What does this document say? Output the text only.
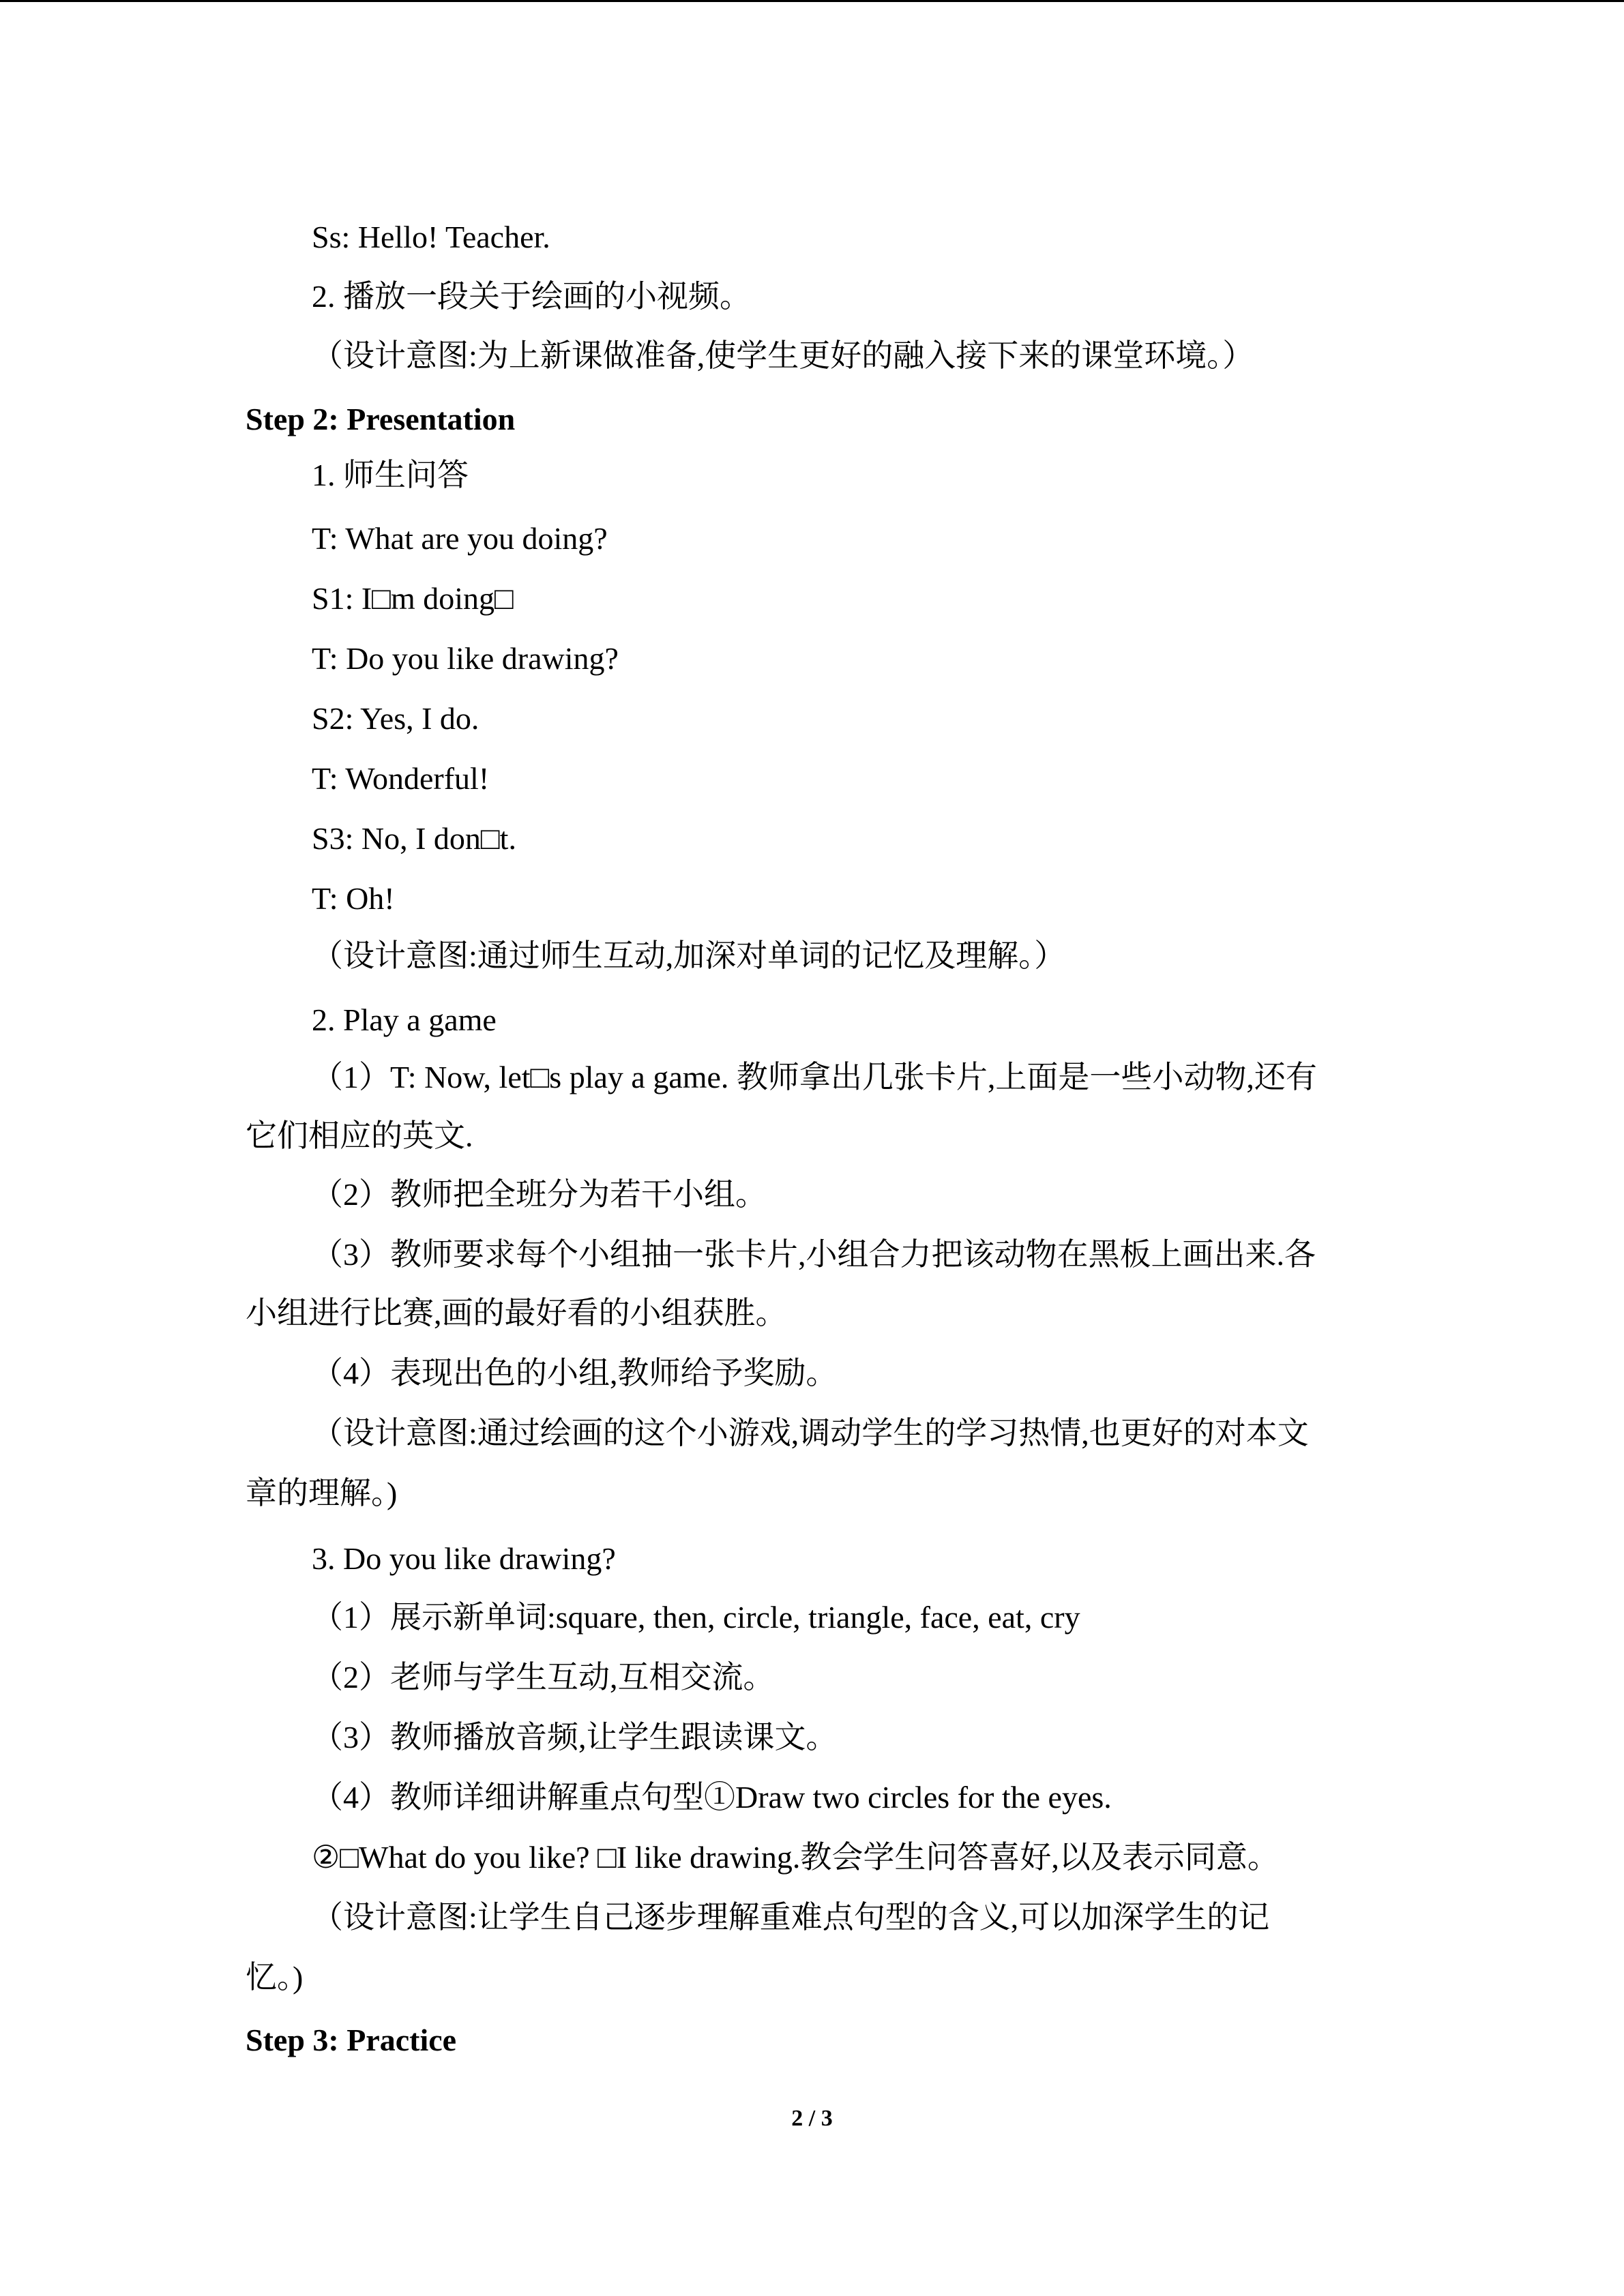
Ss: Hello! Teacher.
2. 播放一段关于绘画的小视频。
（设计意图:为上新课做准备,使学生更好的融入接下来的课堂环境。）
Step 2: Presentation
1. 师生问答
T: What are you doing?
S1: I□m doing□
T: Do you like drawing?
S2: Yes, I do.
T: Wonderful!
S3: No, I don□t.
T: Oh!
（设计意图:通过师生互动,加深对单词的记忆及理解。）
2. Play a game
（1）T: Now, let□s play a game. 教师拿出几张卡片,上面是一些小动物,还有
它们相应的英文.
（2）教师把全班分为若干小组。
（3）教师要求每个小组抽一张卡片,小组合力把该动物在黑板上画出来.各
小组进行比赛,画的最好看的小组获胜。
（4）表现出色的小组,教师给予奖励。
（设计意图:通过绘画的这个小游戏,调动学生的学习热情,也更好的对本文
章的理解。)
3. Do you like drawing?
（1）展示新单词:square, then, circle, triangle, face, eat, cry
（2）老师与学生互动,互相交流。
（3）教师播放音频,让学生跟读课文。
（4）教师详细讲解重点句型①Draw two circles for the eyes.
②□What do you like? □I like drawing.教会学生问答喜好,以及表示同意。
（设计意图:让学生自己逐步理解重难点句型的含义,可以加深学生的记
忆。)
Step 3: Practice
2 / 3
